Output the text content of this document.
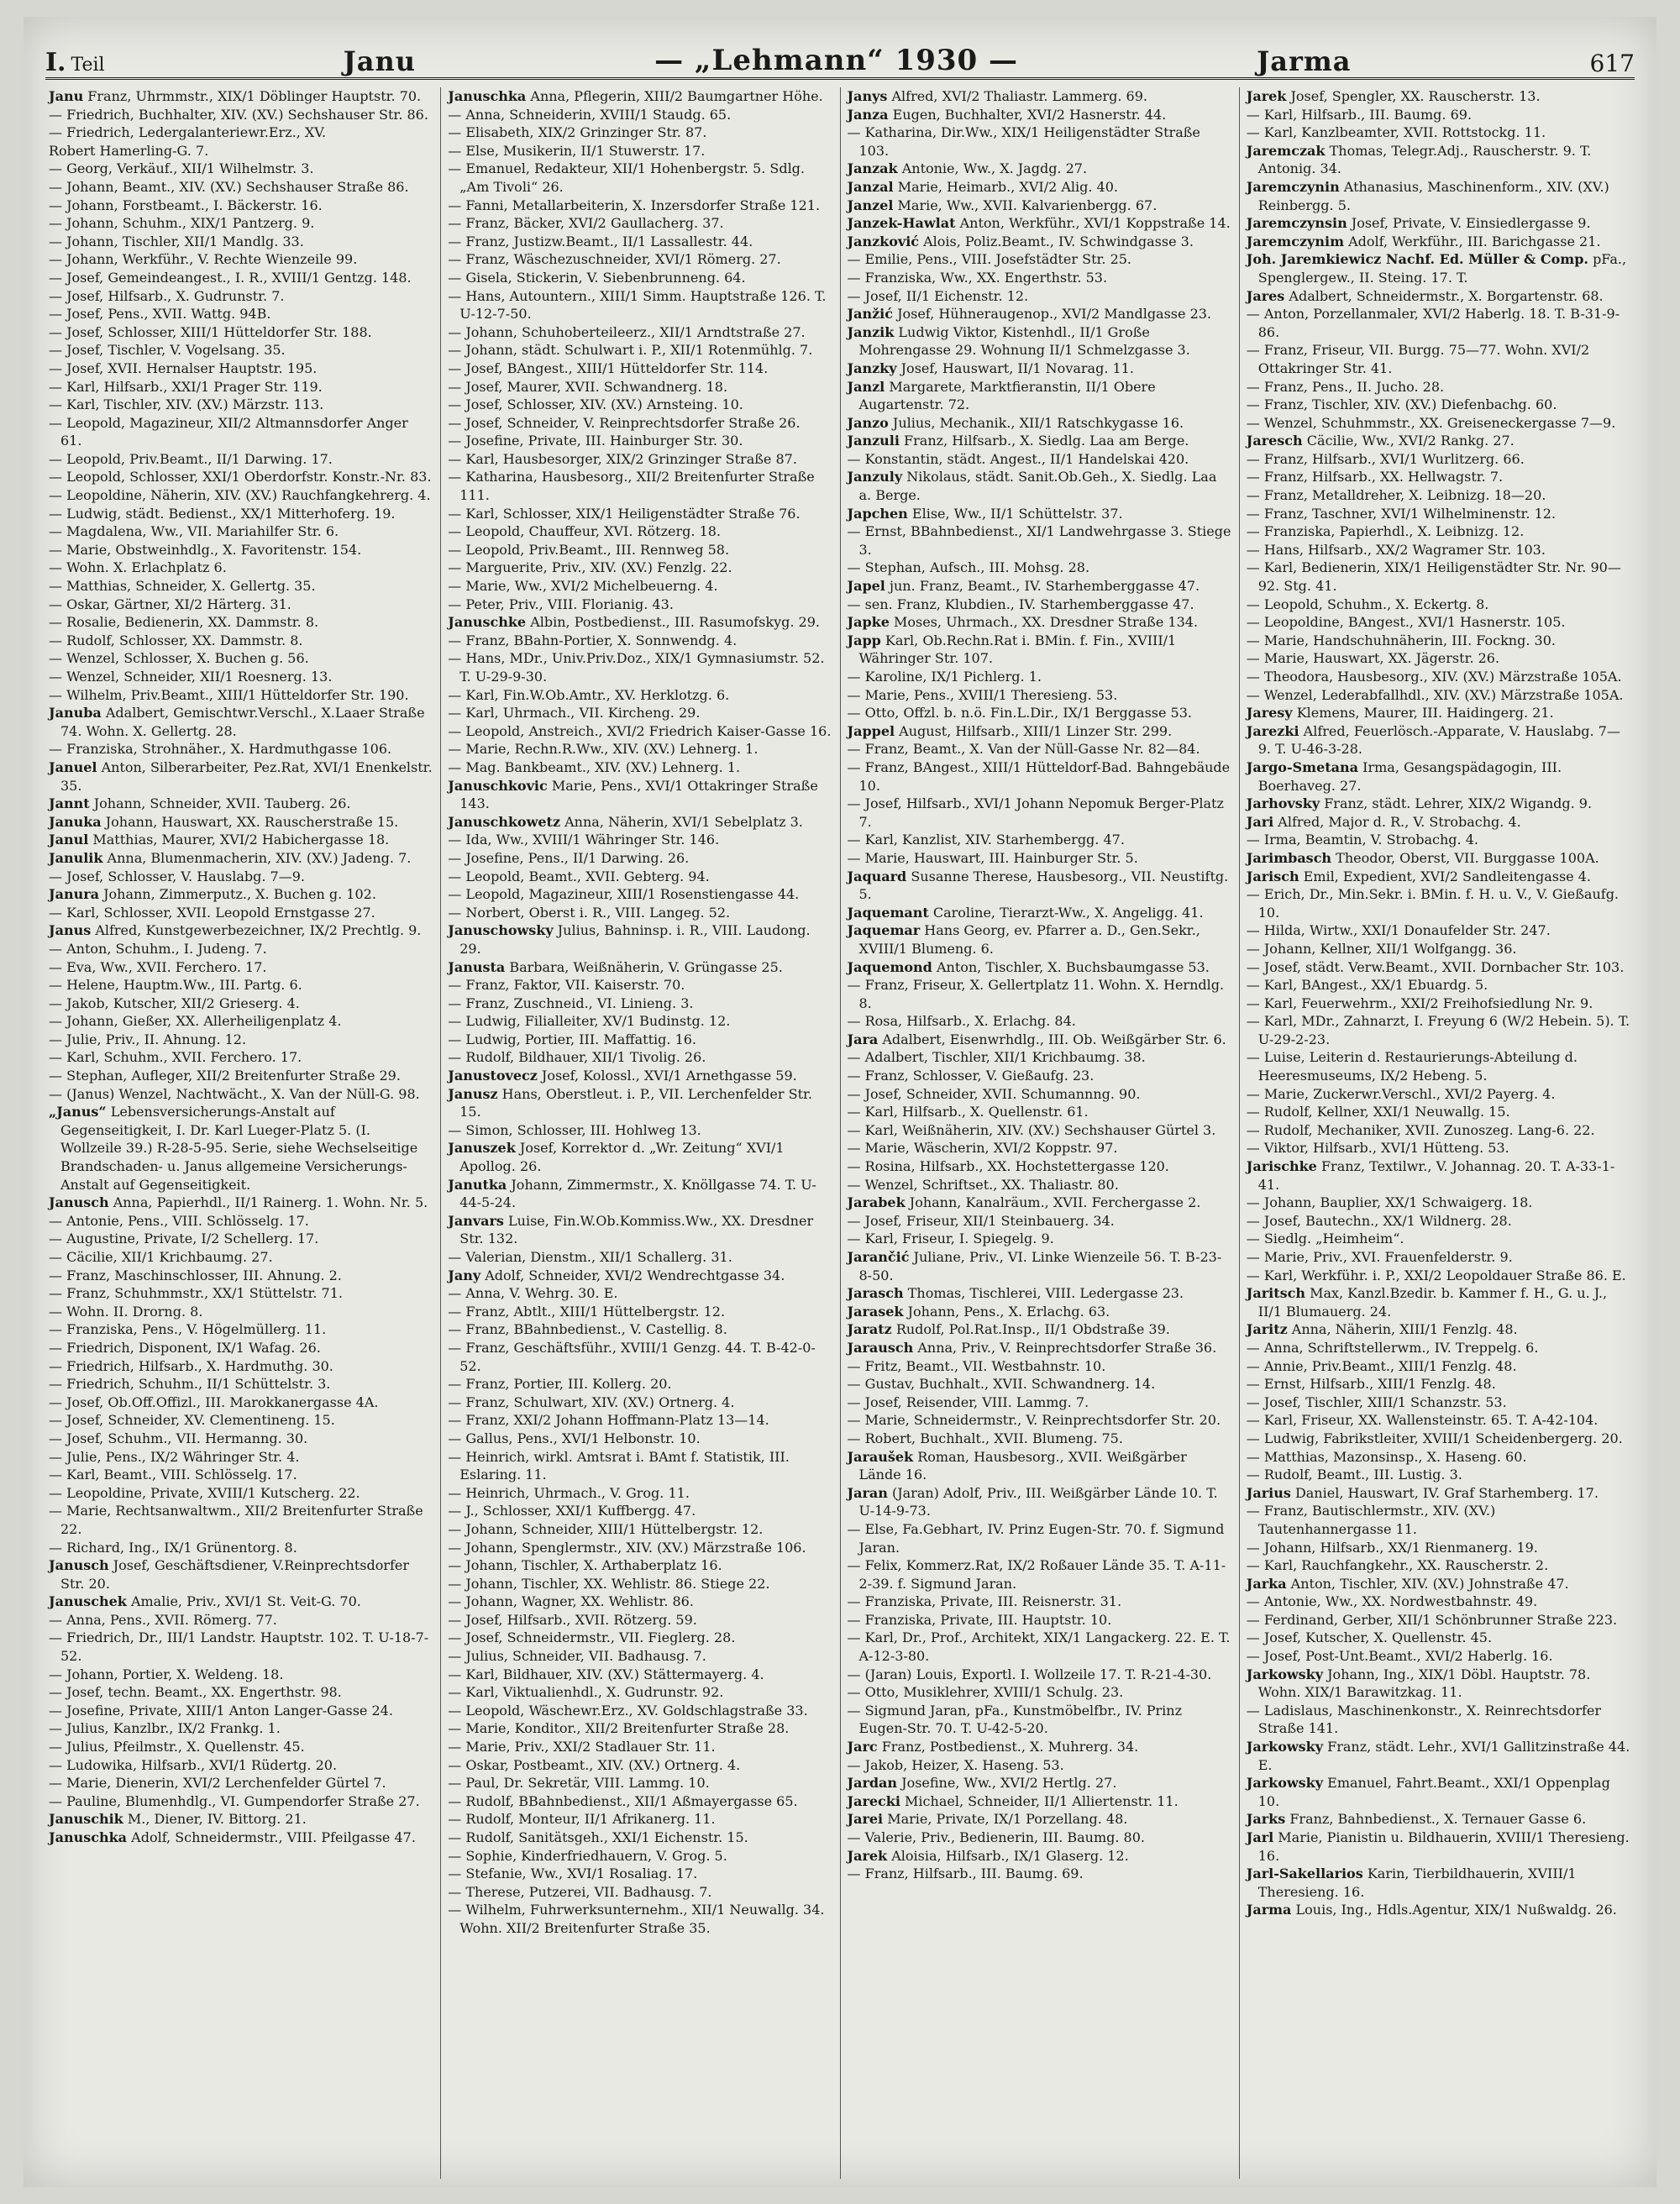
I. Teil	Janu	— „Lehmann“ 1930 —	Jarma	617

Janu Franz, Uhrmmstr., XIX/1 Döblinger Hauptstr. 70.

— Friedrich, Buchhalter, XIV. (XV.) Sechshauser Str. 86.

— Friedrich, Ledergalanteriewr.Erz., XV.

Robert Hamerling-G. 7.

— Georg, Verkäuf., XII/1 Wilhelmstr. 3.

— Johann, Beamt., XIV. (XV.) Sechshauser Straße 86.

— Johann, Forstbeamt., I. Bäckerstr. 16.

— Johann, Schuhm., XIX/1 Pantzerg. 9.

— Johann, Tischler, XII/1 Mandlg. 33.

— Johann, Werkführ., V. Rechte Wienzeile 99.

— Josef, Gemeindeangest., I. R., XVIII/1 Gentzg. 148.

— Josef, Hilfsarb., X. Gudrunstr. 7.

— Josef, Pens., XVII. Wattg. 94B.

— Josef, Schlosser, XIII/1 Hütteldorfer Str. 188.

— Josef, Tischler, V. Vogelsang. 35.

— Josef, XVII. Hernalser Hauptstr. 195.

— Karl, Hilfsarb., XXI/1 Prager Str. 119.

— Karl, Tischler, XIV. (XV.) Märzstr. 113.

— Leopold, Magazineur, XII/2 Altmannsdorfer Anger 61.

— Leopold, Priv.Beamt., II/1 Darwing. 17.

— Leopold, Schlosser, XXI/1 Oberdorfstr. Konstr.-Nr. 83.

— Leopoldine, Näherin, XIV. (XV.) Rauchfangkehrerg. 4.

— Ludwig, städt. Bedienst., XX/1 Mitterhoferg. 19.

— Magdalena, Ww., VII. Mariahilfer Str. 6.

— Marie, Obstweinhdlg., X. Favoritenstr. 154.

— Wohn. X. Erlachplatz 6.

— Matthias, Schneider, X. Gellertg. 35.

— Oskar, Gärtner, XI/2 Härterg. 31.

— Rosalie, Bedienerin, XX. Dammstr. 8.

— Rudolf, Schlosser, XX. Dammstr. 8.

— Wenzel, Schlosser, X. Buchen g. 56.

— Wenzel, Schneider, XII/1 Roesnerg. 13.

— Wilhelm, Priv.Beamt., XIII/1 Hütteldorfer Str. 190.

Januba Adalbert, Gemischtwr.Verschl., X.Laaer Straße 74. Wohn. X. Gellertg. 28.

— Franziska, Strohnäher., X. Hardmuthgasse 106.

Januel Anton, Silberarbeiter, Pez.Rat, XVI/1 Enenkelstr. 35.

Jannt Johann, Schneider, XVII. Tauberg. 26.

Januka Johann, Hauswart, XX. Rauscherstraße 15.

Janul Matthias, Maurer, XVI/2 Habichergasse 18.

Janulik Anna, Blumenmacherin, XIV. (XV.) Jadeng. 7.

— Josef, Schlosser, V. Hauslabg. 7—9.

Janura Johann, Zimmerputz., X. Buchen g. 102.

— Karl, Schlosser, XVII. Leopold Ernstgasse 27.

Janus Alfred, Kunstgewerbezeichner, IX/2 Prechtlg. 9.

— Anton, Schuhm., I. Judeng. 7.

— Eva, Ww., XVII. Ferchero. 17.

— Helene, Hauptm.Ww., III. Partg. 6.

— Jakob, Kutscher, XII/2 Grieserg. 4.

— Johann, Gießer, XX. Allerheiligenplatz 4.

— Julie, Priv., II. Ahnung. 12.

— Karl, Schuhm., XVII. Ferchero. 17.

— Stephan, Aufleger, XII/2 Breitenfurter Straße 29.

— (Janus) Wenzel, Nachtwächt., X. Van der Nüll-G. 98.

„Janus“ Lebensversicherungs-Anstalt auf Gegenseitigkeit, I. Dr. Karl Lueger-Platz 5. (I. Wollzeile 39.) R-28-5-95. Serie, siehe Wechselseitige Brandschaden- u. Janus allgemeine Versicherungs-Anstalt auf Gegenseitigkeit.

Janusch Anna, Papierhdl., II/1 Rainerg. 1. Wohn. Nr. 5.

— Antonie, Pens., VIII. Schlösselg. 17.

— Augustine, Private, I/2 Schellerg. 17.

— Cäcilie, XII/1 Krichbaumg. 27.

— Franz, Maschinschlosser, III. Ahnung. 2.

— Franz, Schuhmmstr., XX/1 Stüttelstr. 71.

— Wohn. II. Drorng. 8.

— Franziska, Pens., V. Högelmüllerg. 11.

— Friedrich, Disponent, IX/1 Wafag. 26.

— Friedrich, Hilfsarb., X. Hardmuthg. 30.

— Friedrich, Schuhm., II/1 Schüttelstr. 3.

— Josef, Ob.Off.Offizl., III. Marokkanergasse 4A.

— Josef, Schneider, XV. Clementineng. 15.

— Josef, Schuhm., VII. Hermanng. 30.

— Julie, Pens., IX/2 Währinger Str. 4.

— Karl, Beamt., VIII. Schlösselg. 17.

— Leopoldine, Private, XVIII/1 Kutscherg. 22.

— Marie, Rechtsanwaltwm., XII/2 Breitenfurter Straße 22.

— Richard, Ing., IX/1 Grünentorg. 8.

Janusch Josef, Geschäftsdiener, V.Reinprechtsdorfer Str. 20.

Januschek Amalie, Priv., XVI/1 St. Veit-G. 70.

— Anna, Pens., XVII. Römerg. 77.

— Friedrich, Dr., III/1 Landstr. Hauptstr. 102. T. U-18-7-52.

— Johann, Portier, X. Weldeng. 18.

— Josef, techn. Beamt., XX. Engerthstr. 98.

— Josefine, Private, XIII/1 Anton Langer-Gasse 24.

— Julius, Kanzlbr., IX/2 Frankg. 1.

— Julius, Pfeilmstr., X. Quellenstr. 45.

— Ludowika, Hilfsarb., XVI/1 Rüdertg. 20.

— Marie, Dienerin, XVI/2 Lerchenfelder Gürtel 7.

— Pauline, Blumenhdlg., VI. Gumpendorfer Straße 27.

Januschik M., Diener, IV. Bittorg. 21.

Januschka Adolf, Schneidermstr., VIII. Pfeilgasse 47.

Januschka Anna, Pflegerin, XIII/2 Baumgartner Höhe.

— Anna, Schneiderin, XVIII/1 Staudg. 65.

— Elisabeth, XIX/2 Grinzinger Str. 87.

— Else, Musikerin, II/1 Stuwerstr. 17.

— Emanuel, Redakteur, XII/1 Hohenbergstr. 5. Sdlg. „Am Tivoli“ 26.

— Fanni, Metallarbeiterin, X. Inzersdorfer Straße 121.

— Franz, Bäcker, XVI/2 Gaullacherg. 37.

— Franz, Justizw.Beamt., II/1 Lassallestr. 44.

— Franz, Wäschezuschneider, XVI/1 Römerg. 27.

— Gisela, Stickerin, V. Siebenbrunneng. 64.

— Hans, Autountern., XIII/1 Simm. Hauptstraße 126. T. U-12-7-50.

— Johann, Schuhoberteileerz., XII/1 Arndtstraße 27.

— Johann, städt. Schulwart i. P., XII/1 Rotenmühlg. 7.

— Josef, BAngest., XIII/1 Hütteldorfer Str. 114.

— Josef, Maurer, XVII. Schwandnerg. 18.

— Josef, Schlosser, XIV. (XV.) Arnsteing. 10.

— Josef, Schneider, V. Reinprechtsdorfer Straße 26.

— Josefine, Private, III. Hainburger Str. 30.

— Karl, Hausbesorger, XIX/2 Grinzinger Straße 87.

— Katharina, Hausbesorg., XII/2 Breitenfurter Straße 111.

— Karl, Schlosser, XIX/1 Heiligenstädter Straße 76.

— Leopold, Chauffeur, XVI. Rötzerg. 18.

— Leopold, Priv.Beamt., III. Rennweg 58.

— Marguerite, Priv., XIV. (XV.) Fenzlg. 22.

— Marie, Ww., XVI/2 Michelbeuerng. 4.

— Peter, Priv., VIII. Florianig. 43.

Januschke Albin, Postbedienst., III. Rasumofskyg. 29.

— Franz, BBahn-Portier, X. Sonnwendg. 4.

— Hans, MDr., Univ.Priv.Doz., XIX/1 Gymnasiumstr. 52. T. U-29-9-30.

— Karl, Fin.W.Ob.Amtr., XV. Herklotzg. 6.

— Karl, Uhrmach., VII. Kircheng. 29.

— Leopold, Anstreich., XVI/2 Friedrich Kaiser-Gasse 16.

— Marie, Rechn.R.Ww., XIV. (XV.) Lehnerg. 1.

— Mag. Bankbeamt., XIV. (XV.) Lehnerg. 1.

Januschkovic Marie, Pens., XVI/1 Ottakringer Straße 143.

Januschkowetz Anna, Näherin, XVI/1 Sebelplatz 3.

— Ida, Ww., XVIII/1 Währinger Str. 146.

— Josefine, Pens., II/1 Darwing. 26.

— Leopold, Beamt., XVII. Gebterg. 94.

— Leopold, Magazineur, XIII/1 Rosenstiengasse 44.

— Norbert, Oberst i. R., VIII. Langeg. 52.

Januschowsky Julius, Bahninsp. i. R., VIII. Laudong. 29.

Janusta Barbara, Weißnäherin, V. Grüngasse 25.

— Franz, Faktor, VII. Kaiserstr. 70.

— Franz, Zuschneid., VI. Linieng. 3.

— Ludwig, Filialleiter, XV/1 Budinstg. 12.

— Ludwig, Portier, III. Maffattig. 16.

— Rudolf, Bildhauer, XII/1 Tivolig. 26.

Janustovecz Josef, Kolossl., XVI/1 Arnethgasse 59.

Janusz Hans, Oberstleut. i. P., VII. Lerchenfelder Str. 15.

— Simon, Schlosser, III. Hohlweg 13.

Januszek Josef, Korrektor d. „Wr. Zeitung“ XVI/1 Apollog. 26.

Janutka Johann, Zimmermstr., X. Knöllgasse 74. T. U-44-5-24.

Janvars Luise, Fin.W.Ob.Kommiss.Ww., XX. Dresdner Str. 132.

— Valerian, Dienstm., XII/1 Schallerg. 31.

Jany Adolf, Schneider, XVI/2 Wendrechtgasse 34.

— Anna, V. Wehrg. 30. E.

— Franz, Abtlt., XIII/1 Hüttelbergstr. 12.

— Franz, BBahnbedienst., V. Castellig. 8.

— Franz, Geschäftsführ., XVIII/1 Genzg. 44. T. B-42-0-52.

— Franz, Portier, III. Kollerg. 20.

— Franz, Schulwart, XIV. (XV.) Ortnerg. 4.

— Franz, XXI/2 Johann Hoffmann-Platz 13—14.

— Gallus, Pens., XVI/1 Helbonstr. 10.

— Heinrich, wirkl. Amtsrat i. BAmt f. Statistik, III. Eslaring. 11.

— Heinrich, Uhrmach., V. Grog. 11.

— J., Schlosser, XXI/1 Kuffbergg. 47.

— Johann, Schneider, XIII/1 Hüttelbergstr. 12.

— Johann, Spenglermstr., XIV. (XV.) Märzstraße 106.

— Johann, Tischler, X. Arthaberplatz 16.

— Johann, Tischler, XX. Wehlistr. 86. Stiege 22.

— Johann, Wagner, XX. Wehlistr. 86.

— Josef, Hilfsarb., XVII. Rötzerg. 59.

— Josef, Schneidermstr., VII. Fieglerg. 28.

— Julius, Schneider, VII. Badhausg. 7.

— Karl, Bildhauer, XIV. (XV.) Stättermayerg. 4.

— Karl, Viktualienhdl., X. Gudrunstr. 92.

— Leopold, Wäschewr.Erz., XV. Goldschlagstraße 33.

— Marie, Konditor., XII/2 Breitenfurter Straße 28.

— Marie, Priv., XXI/2 Stadlauer Str. 11.

— Oskar, Postbeamt., XIV. (XV.) Ortnerg. 4.

— Paul, Dr. Sekretär, VIII. Lammg. 10.

— Rudolf, BBahnbedienst., XII/1 Aßmayergasse 65.

— Rudolf, Monteur, II/1 Afrikanerg. 11.

— Rudolf, Sanitätsgeh., XXI/1 Eichenstr. 15.

— Sophie, Kinderfriedhauern, V. Grog. 5.

— Stefanie, Ww., XVI/1 Rosaliag. 17.

— Therese, Putzerei, VII. Badhausg. 7.

— Wilhelm, Fuhrwerksunternehm., XII/1 Neuwallg. 34. Wohn. XII/2 Breitenfurter Straße 35.

Janys Alfred, XVI/2 Thaliastr. Lammerg. 69.

Janza Eugen, Buchhalter, XVI/2 Hasnerstr. 44.

— Katharina, Dir.Ww., XIX/1 Heiligenstädter Straße 103.

Janzak Antonie, Ww., X. Jagdg. 27.

Janzal Marie, Heimarb., XVI/2 Alig. 40.

Janzel Marie, Ww., XVII. Kalvarienbergg. 67.

Janzek-Hawlat Anton, Werkführ., XVI/1 Koppstraße 14.

Janzković Alois, Poliz.Beamt., IV. Schwindgasse 3.

— Emilie, Pens., VIII. Josefstädter Str. 25.

— Franziska, Ww., XX. Engerthstr. 53.

— Josef, II/1 Eichenstr. 12.

Janžić Josef, Hühneraugenop., XVI/2 Mandlgasse 23.

Janzik Ludwig Viktor, Kistenhdl., II/1 Große Mohrengasse 29. Wohnung II/1 Schmelzgasse 3.

Janzky Josef, Hauswart, II/1 Novarag. 11.

Janzl Margarete, Marktfieranstin, II/1 Obere Augartenstr. 72.

Janzo Julius, Mechanik., XII/1 Ratschkygasse 16.

Janzuli Franz, Hilfsarb., X. Siedlg. Laa am Berge.

— Konstantin, städt. Angest., II/1 Handelskai 420.

Janzuly Nikolaus, städt. Sanit.Ob.Geh., X. Siedlg. Laa a. Berge.

Japchen Elise, Ww., II/1 Schüttelstr. 37.

— Ernst, BBahnbedienst., XI/1 Landwehrgasse 3. Stiege 3.

— Stephan, Aufsch., III. Mohsg. 28.

Japel jun. Franz, Beamt., IV. Starhemberggasse 47.

— sen. Franz, Klubdien., IV. Starhemberggasse 47.

Japke Moses, Uhrmach., XX. Dresdner Straße 134.

Japp Karl, Ob.Rechn.Rat i. BMin. f. Fin., XVIII/1 Währinger Str. 107.

— Karoline, IX/1 Pichlerg. 1.

— Marie, Pens., XVIII/1 Theresieng. 53.

— Otto, Offzl. b. n.ö. Fin.L.Dir., IX/1 Berggasse 53.

Jappel August, Hilfsarb., XIII/1 Linzer Str. 299.

— Franz, Beamt., X. Van der Nüll-Gasse Nr. 82—84.

— Franz, BAngest., XIII/1 Hütteldorf-Bad. Bahngebäude 10.

— Josef, Hilfsarb., XVI/1 Johann Nepomuk Berger-Platz 7.

— Karl, Kanzlist, XIV. Starhembergg. 47.

— Marie, Hauswart, III. Hainburger Str. 5.

Jaquard Susanne Therese, Hausbesorg., VII. Neustiftg. 5.

Jaquemant Caroline, Tierarzt-Ww., X. Angeligg. 41.

Jaquemar Hans Georg, ev. Pfarrer a. D., Gen.Sekr., XVIII/1 Blumeng. 6.

Jaquemond Anton, Tischler, X. Buchsbaumgasse 53.

— Franz, Friseur, X. Gellertplatz 11. Wohn. X. Herndlg. 8.

— Rosa, Hilfsarb., X. Erlachg. 84.

Jara Adalbert, Eisenwrhdlg., III. Ob. Weißgärber Str. 6.

— Adalbert, Tischler, XII/1 Krichbaumg. 38.

— Franz, Schlosser, V. Gießaufg. 23.

— Josef, Schneider, XVII. Schumannng. 90.

— Karl, Hilfsarb., X. Quellenstr. 61.

— Karl, Weißnäherin, XIV. (XV.) Sechshauser Gürtel 3.

— Marie, Wäscherin, XVI/2 Koppstr. 97.

— Rosina, Hilfsarb., XX. Hochstettergasse 120.

— Wenzel, Schriftset., XX. Thaliastr. 80.

Jarabek Johann, Kanalräum., XVII. Ferchergasse 2.

— Josef, Friseur, XII/1 Steinbauerg. 34.

— Karl, Friseur, I. Spiegelg. 9.

Jarančić Juliane, Priv., VI. Linke Wienzeile 56. T. B-23-8-50.

Jarasch Thomas, Tischlerei, VIII. Ledergasse 23.

Jarasek Johann, Pens., X. Erlachg. 63.

Jaratz Rudolf, Pol.Rat.Insp., II/1 Obdstraße 39.

Jarausch Anna, Priv., V. Reinprechtsdorfer Straße 36.

— Fritz, Beamt., VII. Westbahnstr. 10.

— Gustav, Buchhalt., XVII. Schwandnerg. 14.

— Josef, Reisender, VIII. Lammg. 7.

— Marie, Schneidermstr., V. Reinprechtsdorfer Str. 20.

— Robert, Buchhalt., XVII. Blumeng. 75.

Jaraušek Roman, Hausbesorg., XVII. Weißgärber Lände 16.

Jaran (Jaran) Adolf, Priv., III. Weißgärber Lände 10. T. U-14-9-73.

— Else, Fa.Gebhart, IV. Prinz Eugen-Str. 70. f. Sigmund Jaran.

— Felix, Kommerz.Rat, IX/2 Roßauer Lände 35. T. A-11-2-39. f. Sigmund Jaran.

— Franziska, Private, III. Reisnerstr. 31.

— Franziska, Private, III. Hauptstr. 10.

— Karl, Dr., Prof., Architekt, XIX/1 Langackerg. 22. E. T. A-12-3-80.

— (Jaran) Louis, Exportl. I. Wollzeile 17. T. R-21-4-30.

— Otto, Musiklehrer, XVIII/1 Schulg. 23.

— Sigmund Jaran, pFa., Kunstmöbelfbr., IV. Prinz Eugen-Str. 70. T. U-42-5-20.

Jarc Franz, Postbedienst., X. Muhrerg. 34.

— Jakob, Heizer, X. Haseng. 53.

Jardan Josefine, Ww., XVI/2 Hertlg. 27.

Jarecki Michael, Schneider, II/1 Alliertenstr. 11.

Jarei Marie, Private, IX/1 Porzellang. 48.

— Valerie, Priv., Bedienerin, III. Baumg. 80.

Jarek Aloisia, Hilfsarb., IX/1 Glaserg. 12.

— Franz, Hilfsarb., III. Baumg. 69.

Jarek Josef, Spengler, XX. Rauscherstr. 13.

— Karl, Hilfsarb., III. Baumg. 69.

— Karl, Kanzlbeamter, XVII. Rottstockg. 11.

Jaremczak Thomas, Telegr.Adj., Rauscherstr. 9. T. Antonig. 34.

Jaremczynin Athanasius, Maschinenform., XIV. (XV.) Reinbergg. 5.

Jaremczynsin Josef, Private, V. Einsiedlergasse 9.

Jaremczynim Adolf, Werkführ., III. Barichgasse 21.

Joh. Jaremkiewicz Nachf. Ed. Müller & Comp. pFa., Spenglergew., II. Steing. 17. T.

Jares Adalbert, Schneidermstr., X. Borgartenstr. 68.

— Anton, Porzellanmaler, XVI/2 Haberlg. 18. T. B-31-9-86.

— Franz, Friseur, VII. Burgg. 75—77. Wohn. XVI/2 Ottakringer Str. 41.

— Franz, Pens., II. Jucho. 28.

— Franz, Tischler, XIV. (XV.) Diefenbachg. 60.

— Wenzel, Schuhmmstr., XX. Greiseneckergasse 7—9.

Jaresch Cäcilie, Ww., XVI/2 Rankg. 27.

— Franz, Hilfsarb., XVI/1 Wurlitzerg. 66.

— Franz, Hilfsarb., XX. Hellwagstr. 7.

— Franz, Metalldreher, X. Leibnizg. 18—20.

— Franz, Taschner, XVI/1 Wilhelminenstr. 12.

— Franziska, Papierhdl., X. Leibnizg. 12.

— Hans, Hilfsarb., XX/2 Wagramer Str. 103.

— Karl, Bedienerin, XIX/1 Heiligenstädter Str. Nr. 90—92. Stg. 41.

— Leopold, Schuhm., X. Eckertg. 8.

— Leopoldine, BAngest., XVI/1 Hasnerstr. 105.

— Marie, Handschuhnäherin, III. Fockng. 30.

— Marie, Hauswart, XX. Jägerstr. 26.

— Theodora, Hausbesorg., XIV. (XV.) Märzstraße 105A.

— Wenzel, Lederabfallhdl., XIV. (XV.) Märzstraße 105A.

Jaresy Klemens, Maurer, III. Haidingerg. 21.

Jarezki Alfred, Feuerlösch.-Apparate, V. Hauslabg. 7—9. T. U-46-3-28.

Jargo-Smetana Irma, Gesangspädagogin, III. Boerhaveg. 27.

Jarhovsky Franz, städt. Lehrer, XIX/2 Wigandg. 9.

Jari Alfred, Major d. R., V. Strobachg. 4.

— Irma, Beamtin, V. Strobachg. 4.

Jarimbasch Theodor, Oberst, VII. Burggasse 100A.

Jarisch Emil, Expedient, XVI/2 Sandleitengasse 4.

— Erich, Dr., Min.Sekr. i. BMin. f. H. u. V., V. Gießaufg. 10.

— Hilda, Wirtw., XXI/1 Donaufelder Str. 247.

— Johann, Kellner, XII/1 Wolfgangg. 36.

— Josef, städt. Verw.Beamt., XVII. Dornbacher Str. 103.

— Karl, BAngest., XX/1 Ebuardg. 5.

— Karl, Feuerwehrm., XXI/2 Freihofsiedlung Nr. 9.

— Karl, MDr., Zahnarzt, I. Freyung 6 (W/2 Hebein. 5). T. U-29-2-23.

— Luise, Leiterin d. Restaurierungs-Abteilung d. Heeresmuseums, IX/2 Hebeng. 5.

— Marie, Zuckerwr.Verschl., XVI/2 Payerg. 4.

— Rudolf, Kellner, XXI/1 Neuwallg. 15.

— Rudolf, Mechaniker, XVII. Zunoszeg. Lang-6. 22.

— Viktor, Hilfsarb., XVI/1 Hütteng. 53.

Jarischke Franz, Textilwr., V. Johannag. 20. T. A-33-1-41.

— Johann, Bauplier, XX/1 Schwaigerg. 18.

— Josef, Bautechn., XX/1 Wildnerg. 28.

— Siedlg. „Heimheim“.

— Marie, Priv., XVI. Frauenfelderstr. 9.

— Karl, Werkführ. i. P., XXI/2 Leopoldauer Straße 86. E.

Jaritsch Max, Kanzl.Bzedir. b. Kammer f. H., G. u. J., II/1 Blumauerg. 24.

Jaritz Anna, Näherin, XIII/1 Fenzlg. 48.

— Anna, Schriftstellerwm., IV. Treppelg. 6.

— Annie, Priv.Beamt., XIII/1 Fenzlg. 48.

— Ernst, Hilfsarb., XIII/1 Fenzlg. 48.

— Josef, Tischler, XIII/1 Schanzstr. 53.

— Karl, Friseur, XX. Wallensteinstr. 65. T. A-42-104.

— Ludwig, Fabrikstleiter, XVIII/1 Scheidenbergerg. 20.

— Matthias, Mazonsinsp., X. Haseng. 60.

— Rudolf, Beamt., III. Lustig. 3.

Jarius Daniel, Hauswart, IV. Graf Starhemberg. 17.

— Franz, Bautischlermstr., XIV. (XV.) Tautenhannergasse 11.

— Johann, Hilfsarb., XX/1 Rienmanerg. 19.

— Karl, Rauchfangkehr., XX. Rauscherstr. 2.

Jarka Anton, Tischler, XIV. (XV.) Johnstraße 47.

— Antonie, Ww., XX. Nordwestbahnstr. 49.

— Ferdinand, Gerber, XII/1 Schönbrunner Straße 223.

— Josef, Kutscher, X. Quellenstr. 45.

— Josef, Post-Unt.Beamt., XVI/2 Haberlg. 16.

Jarkowsky Johann, Ing., XIX/1 Döbl. Hauptstr. 78. Wohn. XIX/1 Barawitzkag. 11.

— Ladislaus, Maschinenkonstr., X. Reinrechtsdorfer Straße 141.

Jarkowsky Franz, städt. Lehr., XVI/1 Gallitzinstraße 44. E.

Jarkowsky Emanuel, Fahrt.Beamt., XXI/1 Oppenplag 10.

Jarks Franz, Bahnbedienst., X. Ternauer Gasse 6.

Jarl Marie, Pianistin u. Bildhauerin, XVIII/1 Theresieng. 16.

Jarl-Sakellarios Karin, Tierbildhauerin, XVIII/1 Theresieng. 16.

Jarma Louis, Ing., Hdls.Agentur, XIX/1 Nußwaldg. 26.
